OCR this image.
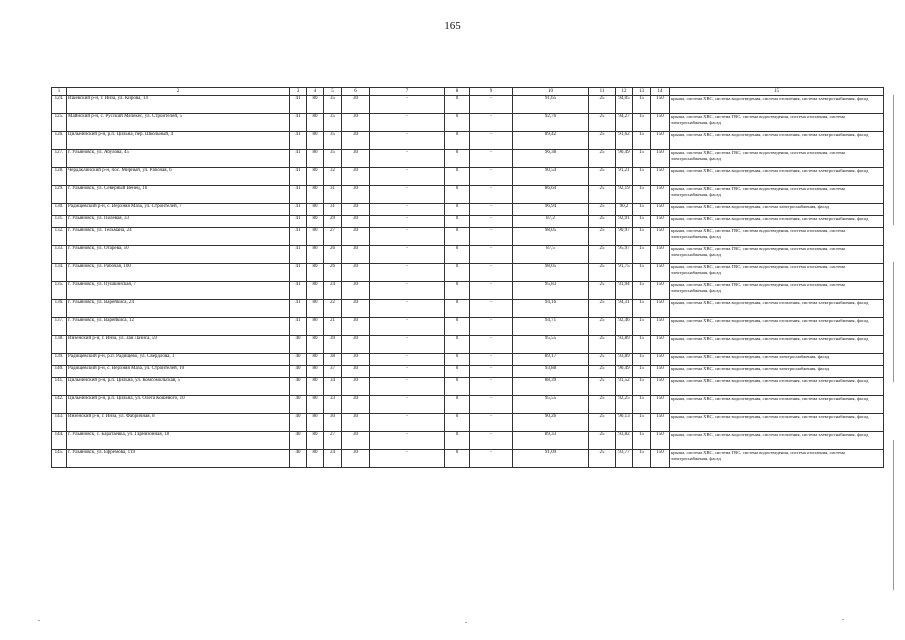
165
1	2	3	4	5	6	7	8	9	10	11	12	13	14	15
124.	Ишевский р-н, г. Инза, ул. Кирова, 14	41	80	35	30	-	0	-	91,65	25	94,05	15	150	крыша, система ХВС, система водоотведения, система отопления, система электроснабжения, фасад
125.	Майнский р-н, с. Русский Мелекес, ул. Строителей, 5	41	80	35	30	-	0	-	92,76	25	94,27	15	150	крыша, система ХВС, система ГВС, система водоотведения, система отопления, система электроснабжения, фасад
126.	Цильнинский р-н, р.п. Цильна, пер. Школьный, 4	41	80	35	30	-	0	-	89,42	25	91,62	15	150	крыша, система ХВС, система водоотведения, система отопления, система электроснабжения, фасад
127.	г. Ульяновск, ул. Абулова, 45	41	80	35	30	-	0	-	96,38	25	90,49	15	150	крыша, система ХВС, система ГВС, система водоотведения, система отопления, система электроснабжения, фасад
128.	Чердаклинский р-н, пос. Мирный, ул. Рабочая, 6	41	80	32	30	-	0	-	90,54	25	91,21	15	150	крыша, система ХВС, система водоотведения, система отопления, система электроснабжения, фасад
129.	г. Ульяновск, ул. Северный Венец, 16	41	80	31	30	-	0	-	86,64	25	92,19	15	150	крыша, система ХВС, система ГВС, система водоотведения, система отопления, система электроснабжения, фасад
130.	Радищевский р-н, с. Верхняя Маза, ул. Строителей, 7	41	80	31	30	-	0	-	96,94	25	90,2	15	150	крыша, система ХВС, система водоотведения, система электроснабжения, фасад
131.	г. Ульяновск, ул. Полевая, 33	41	80	29	30	-	0	-	87,2	25	92,91	15	150	крыша, система ХВС, система водоотведения, система отопления, система электроснабжения, фасад
132.	г. Ульяновск, ул. Тельмана, 24	41	80	27	30	-	0	-	98,05	25	90,97	15	150	крыша, система ХВС, система ГВС, система водоотведения, система отопления, система электроснабжения, фасад
133.	г. Ульяновск, ул. Огарева, 50	41	80	26	30	-	0	-	87,5	25	95,97	15	150	крыша, система ХВС, система ГВС, система водоотведения, система отопления, система электроснабжения, фасад
134.	г. Ульяновск, ул. Рабочая, 100	41	80	26	30	-	0	-	98,05	25	91,75	15	150	крыша, система ХВС, система ГВС, система водоотведения, система отопления, система электроснабжения, фасад
135.	г. Ульяновск, ул. Пушкинская, 7	41	80	24	30	-	0	-	95,83	25	91,94	15	150	крыша, система ХВС, система ГВС, система водоотведения, система отопления, система электроснабжения, фасад
136.	г. Ульяновск, ул. Варейкиса, 24	41	80	22	30	-	0	-	94,16	25	94,31	15	150	крыша, система ХВС, система водоотведения, система отопления, система электроснабжения, фасад
137.	г. Ульяновск, ул. Варейкиса, 12	41	80	21	30	-	0	-	94,71	25	92,46	15	150	крыша, система ХВС, система водоотведения, система отопления, система электроснабжения, фасад
138.	Инзенский р-н, г. Инза, ул. Заи Лазиса, 59	40	80	39	30	-	0	-	95,55	25	93,89	15	150	крыша, система ХВС, система водоотведения, система отопления, система электроснабжения, фасад
139.	Радищевский р-н, р.п. Радищево, ул. Свердлова, 1	40	80	38	30	-	0	-	89,17	25	93,89	15	150	крыша, система ХВС, система водоотведения, система электроснабжения, фасад
140.	Радищевский р-н, с. Верхняя Маза, ул. Строителей, 10	40	80	37	30	-	0	-	93,88	25	90,49	15	150	крыша, система ХВС, система водоотведения, система электроснабжения, фасад
141.	Цильнинский р-н, р.п. Цильна, ул. Комсомольская, 5	40	80	34	30	-	0	-	88,39	25	91,52	15	150	крыша, система ХВС, система водоотведения, система отопления, система электроснабжения, фасад
142.	Цильнинский р-н, р.п. Цильна, ул. Олега Кошевого, 10	40	80	33	30	-	0	-	95,55	25	92,25	15	150	крыша, система ХВС, система водоотведения, система отопления, система электроснабжения, фасад
143.	Инзенский р-н, г. Инза, ул. Фабричная, 8	40	80	30	30	-	0	-	90,26	25	90,13	15	150	крыша, система ХВС, система водоотведения, система отопления, система электроснабжения, фасад
144.	г. Ульяновск, с. Баратаевка, ул. Гарнизонная, 18	40	80	27	30	-	0	-	89,33	25	93,82	15	150	крыша, система ХВС, система водоотведения, система отопления, система электроснабжения, фасад
145.	г. Ульяновск, ул. Ефремова, 119	40	80	24	30	-	0	-	91,09	25	93,77	15	150	крыша, система ХВС, система ГВС, система водоотведения, система отопления, система электроснабжения, фасад
